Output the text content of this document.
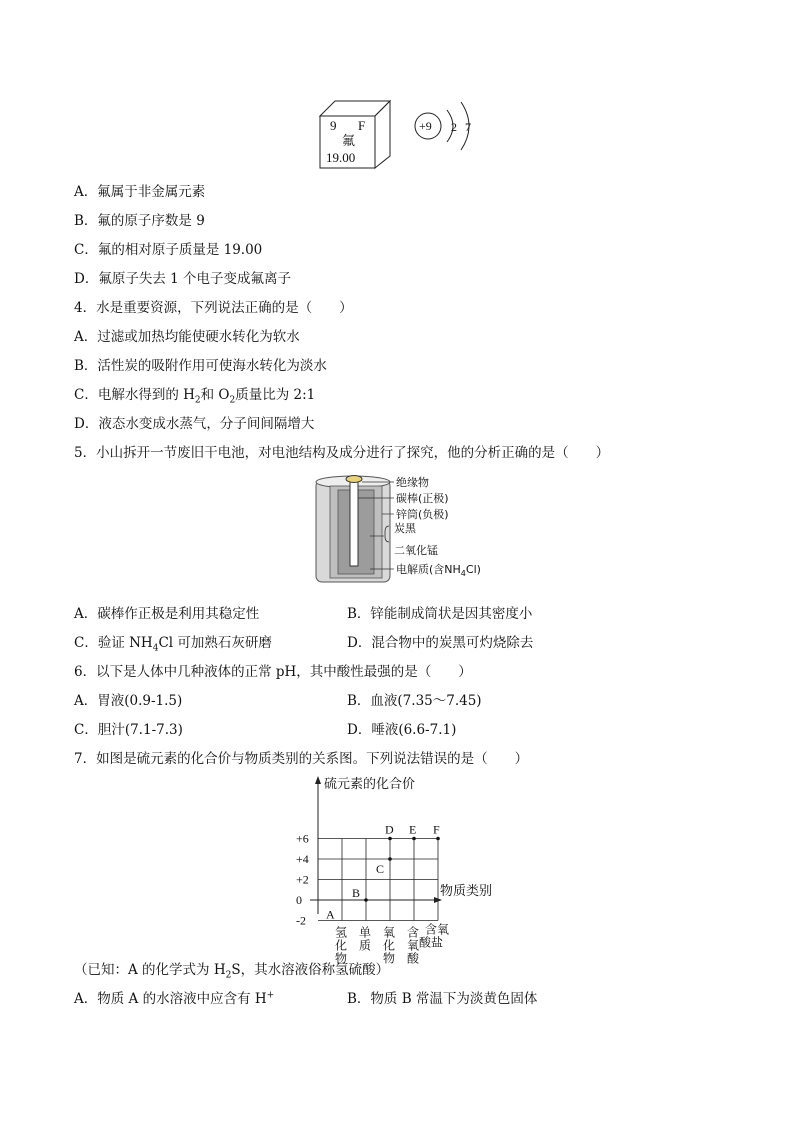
9 F
氟
19.00
+9 2 7
A．氟属于非金属元素
B．氟的原子序数是 9
C．氟的相对原子质量是 19.00
D．氟原子失去 1 个电子变成氟离子
4．水是重要资源，下列说法正确的是（　　）
A．过滤或加热均能使硬水转化为软水
B．活性炭的吸附作用可使海水转化为淡水
C．电解水得到的 $H_2$和 $O_2$质量比为 2:1
D．液态水变成水蒸气，分子间间隔增大
5．小山拆开一节废旧干电池，对电池结构及成分进行了探究，他的分析正确的是（　　）
绝缘物
碳棒(正极)
锌筒(负极)
炭黑
二氧化锰
电解质(含$NH_4Cl$)
A．碳棒作正极是利用其稳定性	B．锌能制成筒状是因其密度小
C．验证 $NH_4Cl$ 可加熟石灰研磨	D．混合物中的炭黑可灼烧除去
6．以下是人体中几种液体的正常 pH，其中酸性最强的是（　　）
A．胃液(0.9-1.5)	B．血液(7.35～7.45)
C．胆汁(7.1-7.3)	D．唾液(6.6-7.1)
7．如图是硫元素的化合价与物质类别的关系图。下列说法错误的是（　　）
硫元素的化合价
物质类别
+6
+4
+2
0
-2
氢
化
物
单
质
氧
化
物
含
氧
酸
含氧
酸盐
A
B
C
D E F
（已知：A 的化学式为 $H_2S$，其水溶液俗称氢硫酸）
A．物质 A 的水溶液中应含有 H+	B．物质 B 常温下为淡黄色固体
